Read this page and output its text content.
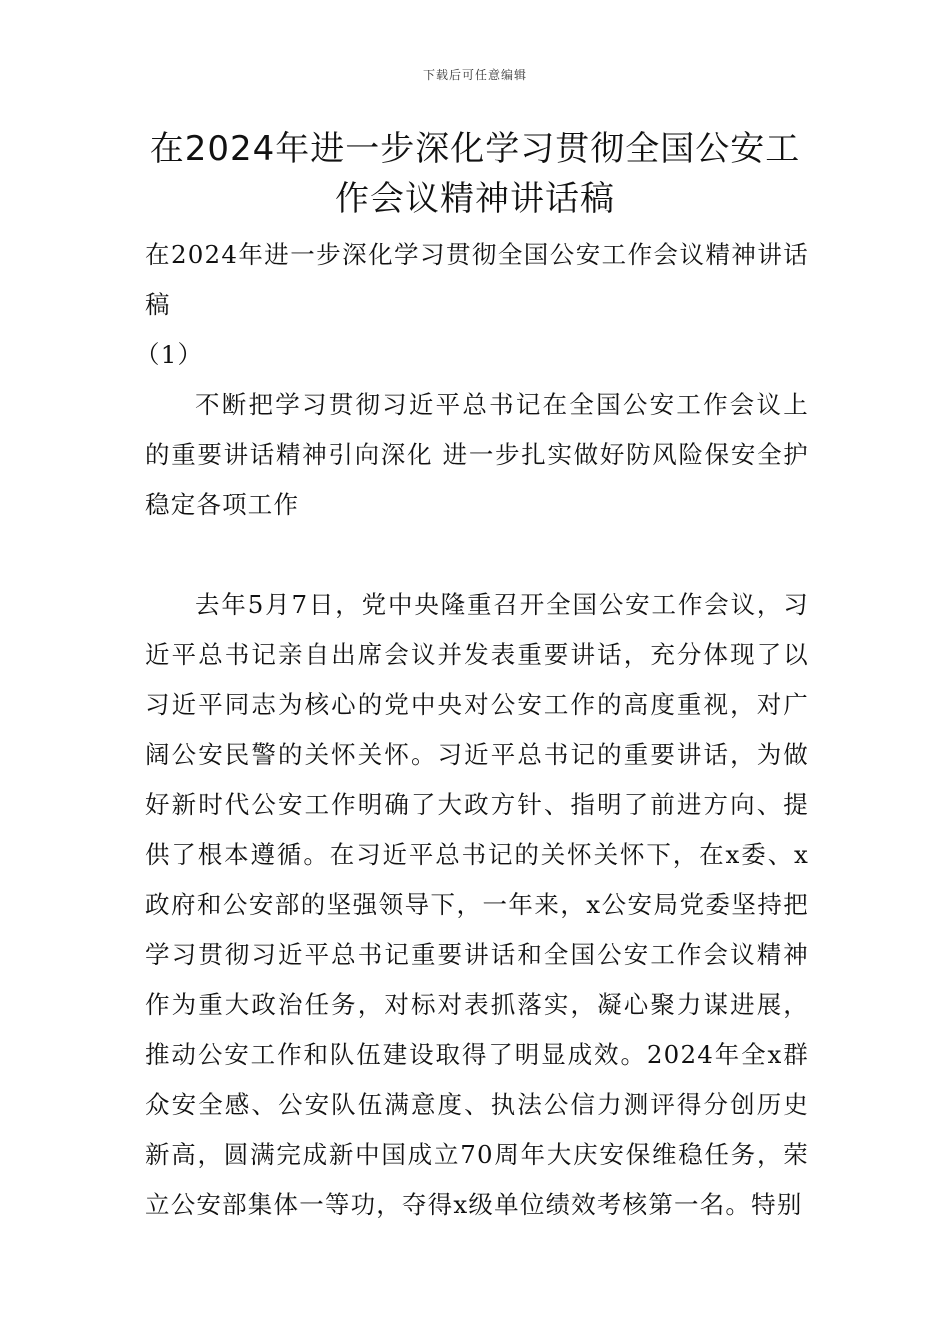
下载后可任意编辑
在2024年进一步深化学习贯彻全国公安工作会议精神讲话稿

在2024年进一步深化学习贯彻全国公安工作会议精神讲话稿

（1）

不断把学习贯彻习近平总书记在全国公安工作会议上的重要讲话精神引向深化 进一步扎实做好防风险保安全护稳定各项工作

去年5月7日，党中央隆重召开全国公安工作会议，习近平总书记亲自出席会议并发表重要讲话，充分体现了以习近平同志为核心的党中央对公安工作的高度重视，对广阔公安民警的关怀关怀。习近平总书记的重要讲话，为做好新时代公安工作明确了大政方针、指明了前进方向、提供了根本遵循。在习近平总书记的关怀关怀下，在x委、x政府和公安部的坚强领导下，一年来，x公安局党委坚持把学习贯彻习近平总书记重要讲话和全国公安工作会议精神作为重大政治任务，对标对表抓落实，凝心聚力谋进展，推动公安工作和队伍建设取得了明显成效。2024年全x群众安全感、公安队伍满意度、执法公信力测评得分创历史新高，圆满完成新中国成立70周年大庆安保维稳任务，荣立公安部集体一等功，夺得x级单位绩效考核第一名。特别
